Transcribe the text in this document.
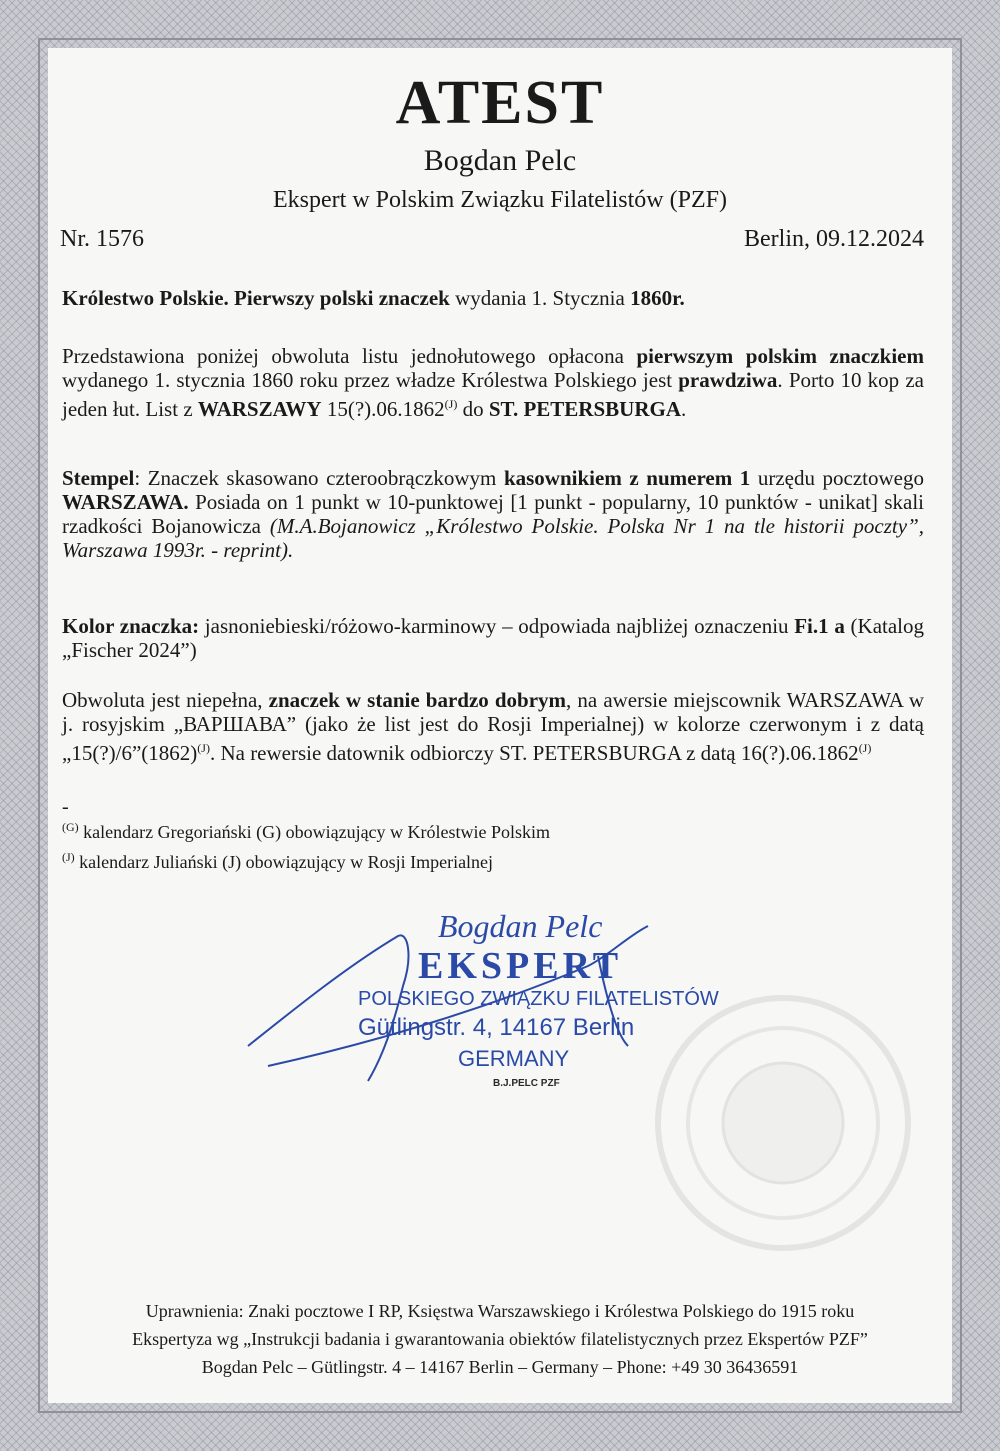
ATEST
Bogdan Pelc
Ekspert w Polskim Związku Filatelistów (PZF)
Nr. 1576	Berlin, 09.12.2024
Królestwo Polskie. Pierwszy polski znaczek wydania 1. Stycznia 1860r.
Przedstawiona poniżej obwoluta listu jednołutowego opłacona pierwszym polskim znaczkiem wydanego 1. stycznia 1860 roku przez władze Królestwa Polskiego jest prawdziwa. Porto 10 kop za jeden łut. List z WARSZAWY $15(?).06.1862^{(J)}$ do ST. PETERSBURGA.
Stempel: Znaczek skasowano czteroobrączkowym kasownikiem z numerem 1 urzędu pocztowego WARSZAWA. Posiada on 1 punkt w 10-punktowej [1 punkt - popularny, 10 punktów - unikat] skali rzadkości Bojanowicza (M.A.Bojanowicz „Królestwo Polskie. Polska Nr 1 na tle historii poczty”, Warszawa 1993r. - reprint).
Kolor znaczka: jasnoniebieski/różowo-karminowy – odpowiada najbliżej oznaczeniu Fi.1 a (Katalog „Fischer 2024”)
Obwoluta jest niepełna, znaczek w stanie bardzo dobrym, na awersie miejscownik WARSZAWA w j. rosyjskim „ВАРШАВА” (jako że list jest do Rosji Imperialnej) w kolorze czerwonym i z datą $„15(?)/6”(1862)^{(J)}$. Na rewersie datownik odbiorczy ST. PETERSBURGA z datą $16(?).06.1862^{(J)}$
-
$^{(G)}$ kalendarz Gregoriański (G) obowiązujący w Królestwie Polskim
$^{(J)}$ kalendarz Juliański (J) obowiązujący w Rosji Imperialnej
Bogdan Pelc
EKSPERT
POLSKIEGO ZWIĄZKU FILATELISTÓW
Gütlingstr. 4, 14167 Berlin
GERMANY
B.J.PELC PZF
Uprawnienia: Znaki pocztowe I RP, Księstwa Warszawskiego i Królestwa Polskiego do 1915 roku
Ekspertyza wg „Instrukcji badania i gwarantowania obiektów filatelistycznych przez Ekspertów PZF”
Bogdan Pelc – Gütlingstr. 4 – 14167 Berlin – Germany – Phone: +49 30 36436591
